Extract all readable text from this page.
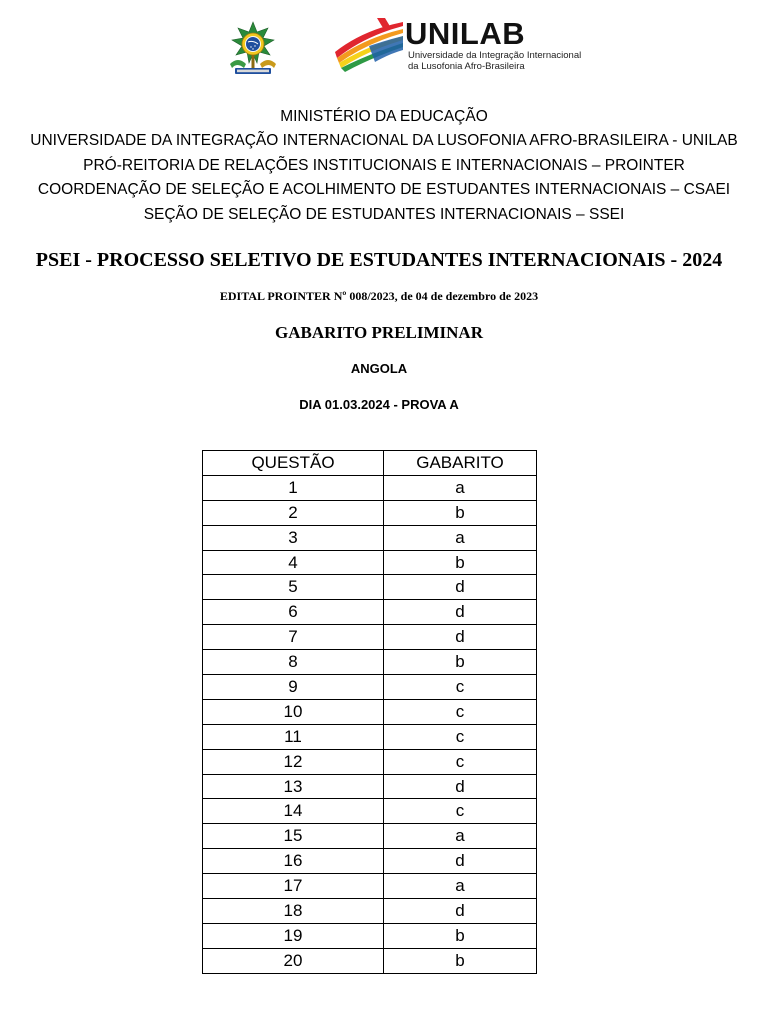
UNILAB
Universidade da Integração Internacional
da Lusofonia Afro-Brasileira
MINISTÉRIO DA EDUCAÇÃO
UNIVERSIDADE DA INTEGRAÇÃO INTERNACIONAL DA LUSOFONIA AFRO-BRASILEIRA - UNILAB
PRÓ-REITORIA DE RELAÇÕES INSTITUCIONAIS E INTERNACIONAIS – PROINTER
COORDENAÇÃO DE SELEÇÃO E ACOLHIMENTO DE ESTUDANTES INTERNACIONAIS – CSAEI
SEÇÃO DE SELEÇÃO DE ESTUDANTES INTERNACIONAIS – SSEI
PSEI - PROCESSO SELETIVO DE ESTUDANTES INTERNACIONAIS - 2024
EDITAL PROINTER Nº 008/2023, de 04 de dezembro de 2023
GABARITO PRELIMINAR
ANGOLA
DIA 01.03.2024 - PROVA A
QUESTÃO	GABARITO
1	a
2	b
3	a
4	b
5	d
6	d
7	d
8	b
9	c
10	c
11	c
12	c
13	d
14	c
15	a
16	d
17	a
18	d
19	b
20	b
